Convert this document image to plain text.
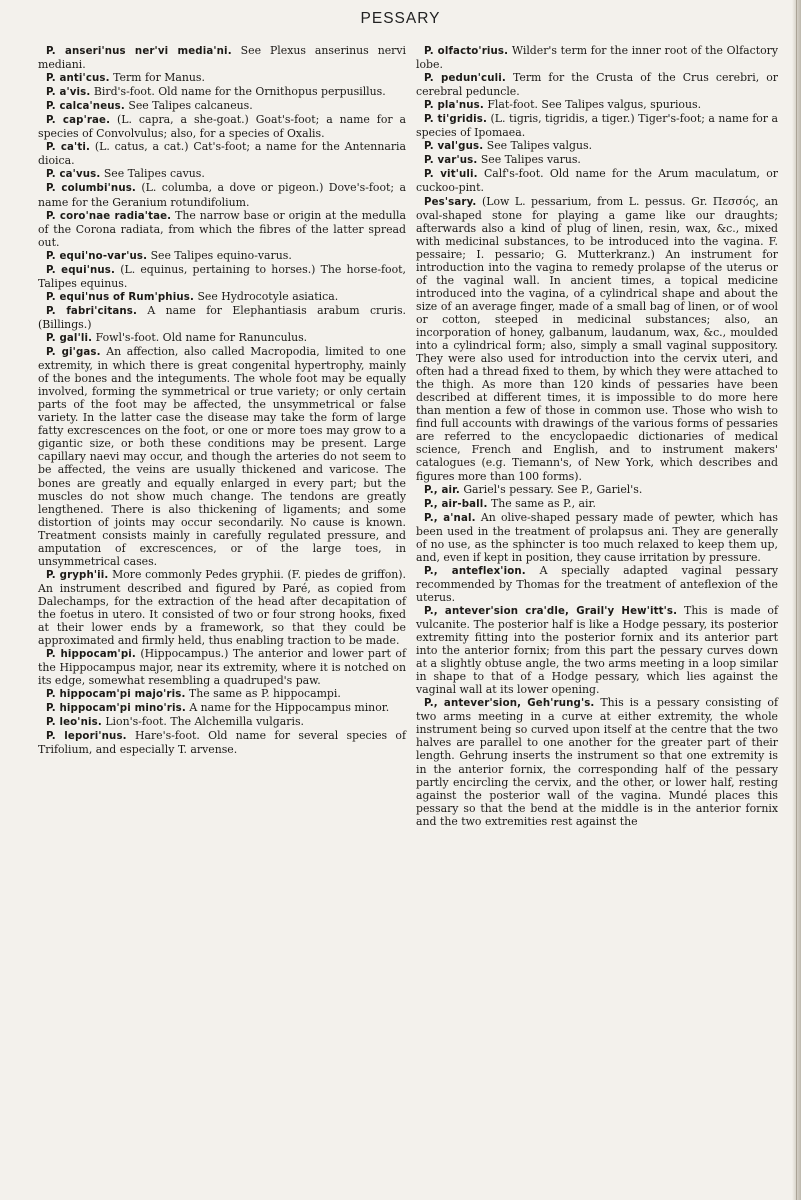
PESSARY

P. anseri'nus ner'vi media'ni. See Plexus anserinus nervi mediani.

P. anti'cus. Term for Manus.

P. a'vis. Bird's-foot. Old name for the Ornithopus perpusillus.

P. calca'neus. See Talipes calcaneus.

P. cap'rae. (L. capra, a she-goat.) Goat's-foot; a name for a species of Convolvulus; also, for a species of Oxalis.

P. ca'ti. (L. catus, a cat.) Cat's-foot; a name for the Antennaria dioica.

P. ca'vus. See Talipes cavus.

P. columbi'nus. (L. columba, a dove or pigeon.) Dove's-foot; a name for the Geranium rotundifolium.

P. coro'nae radia'tae. The narrow base or origin at the medulla of the Corona radiata, from which the fibres of the latter spread out.

P. equi'no-var'us. See Talipes equino-varus.

P. equi'nus. (L. equinus, pertaining to horses.) The horse-foot, Talipes equinus.

P. equi'nus of Rum'phius. See Hydrocotyle asiatica.

P. fabri'citans. A name for Elephantiasis arabum cruris. (Billings.)

P. gal'li. Fowl's-foot. Old name for Ranunculus.

P. gi'gas. An affection, also called Macropodia, limited to one extremity, in which there is great congenital hypertrophy, mainly of the bones and the integuments. The whole foot may be equally involved, forming the symmetrical or true variety; or only certain parts of the foot may be affected, the unsymmetrical or false variety. In the latter case the disease may take the form of large fatty excrescences on the foot, or one or more toes may grow to a gigantic size, or both these conditions may be present. Large capillary naevi may occur, and though the arteries do not seem to be affected, the veins are usually thickened and varicose. The bones are greatly and equally enlarged in every part; but the muscles do not show much change. The tendons are greatly lengthened. There is also thickening of ligaments; and some distortion of joints may occur secondarily. No cause is known. Treatment consists mainly in carefully regulated pressure, and amputation of excrescences, or of the large toes, in unsymmetrical cases.

P. gryph'ii. More commonly Pedes gryphii. (F. piedes de griffon). An instrument described and figured by Paré, as copied from Dalechamps, for the extraction of the head after decapitation of the foetus in utero. It consisted of two or four strong hooks, fixed at their lower ends by a framework, so that they could be approximated and firmly held, thus enabling traction to be made.

P. hippocam'pi. (Hippocampus.) The anterior and lower part of the Hippocampus major, near its extremity, where it is notched on its edge, somewhat resembling a quadruped's paw.

P. hippocam'pi majo'ris. The same as P. hippocampi.

P. hippocam'pi mino'ris. A name for the Hippocampus minor.

P. leo'nis. Lion's-foot. The Alchemilla vulgaris.

P. lepori'nus. Hare's-foot. Old name for several species of Trifolium, and especially T. arvense.

P. olfacto'rius. Wilder's term for the inner root of the Olfactory lobe.

P. pedun'culi. Term for the Crusta of the Crus cerebri, or cerebral peduncle.

P. pla'nus. Flat-foot. See Talipes valgus, spurious.

P. ti'gridis. (L. tigris, tigridis, a tiger.) Tiger's-foot; a name for a species of Ipomaea.

P. val'gus. See Talipes valgus.

P. var'us. See Talipes varus.

P. vit'uli. Calf's-foot. Old name for the Arum maculatum, or cuckoo-pint.

Pes'sary. (Low L. pessarium, from L. pessus. Gr. Πεσσός, an oval-shaped stone for playing a game like our draughts; afterwards also a kind of plug of linen, resin, wax, &c., mixed with medicinal substances, to be introduced into the vagina. F. pessaire; I. pessario; G. Mutterkranz.) An instrument for introduction into the vagina to remedy prolapse of the uterus or of the vaginal wall. In ancient times, a topical medicine introduced into the vagina, of a cylindrical shape and about the size of an average finger, made of a small bag of linen, or of wool or cotton, steeped in medicinal substances; also, an incorporation of honey, galbanum, laudanum, wax, &c., moulded into a cylindrical form; also, simply a small vaginal suppository. They were also used for introduction into the cervix uteri, and often had a thread fixed to them, by which they were attached to the thigh. As more than 120 kinds of pessaries have been described at different times, it is impossible to do more here than mention a few of those in common use. Those who wish to find full accounts with drawings of the various forms of pessaries are referred to the encyclopaedic dictionaries of medical science, French and English, and to instrument makers' catalogues (e.g. Tiemann's, of New York, which describes and figures more than 100 forms).

P., air. Gariel's pessary. See P., Gariel's.

P., air-ball. The same as P., air.

P., a'nal. An olive-shaped pessary made of pewter, which has been used in the treatment of prolapsus ani. They are generally of no use, as the sphincter is too much relaxed to keep them up, and, even if kept in position, they cause irritation by pressure.

P., anteflex'ion. A specially adapted vaginal pessary recommended by Thomas for the treatment of anteflexion of the uterus.

P., antever'sion cra'dle, Grail'y Hew'itt's. This is made of vulcanite. The posterior half is like a Hodge pessary, its posterior extremity fitting into the posterior fornix and its anterior part into the anterior fornix; from this part the pessary curves down at a slightly obtuse angle, the two arms meeting in a loop similar in shape to that of a Hodge pessary, which lies against the vaginal wall at its lower opening.

P., antever'sion, Geh'rung's. This is a pessary consisting of two arms meeting in a curve at either extremity, the whole instrument being so curved upon itself at the centre that the two halves are parallel to one another for the greater part of their length. Gehrung inserts the instrument so that one extremity is in the anterior fornix, the corresponding half of the pessary partly encircling the cervix, and the other, or lower half, resting against the posterior wall of the vagina. Mundé places this pessary so that the bend at the middle is in the anterior fornix and the two extremities rest against the
